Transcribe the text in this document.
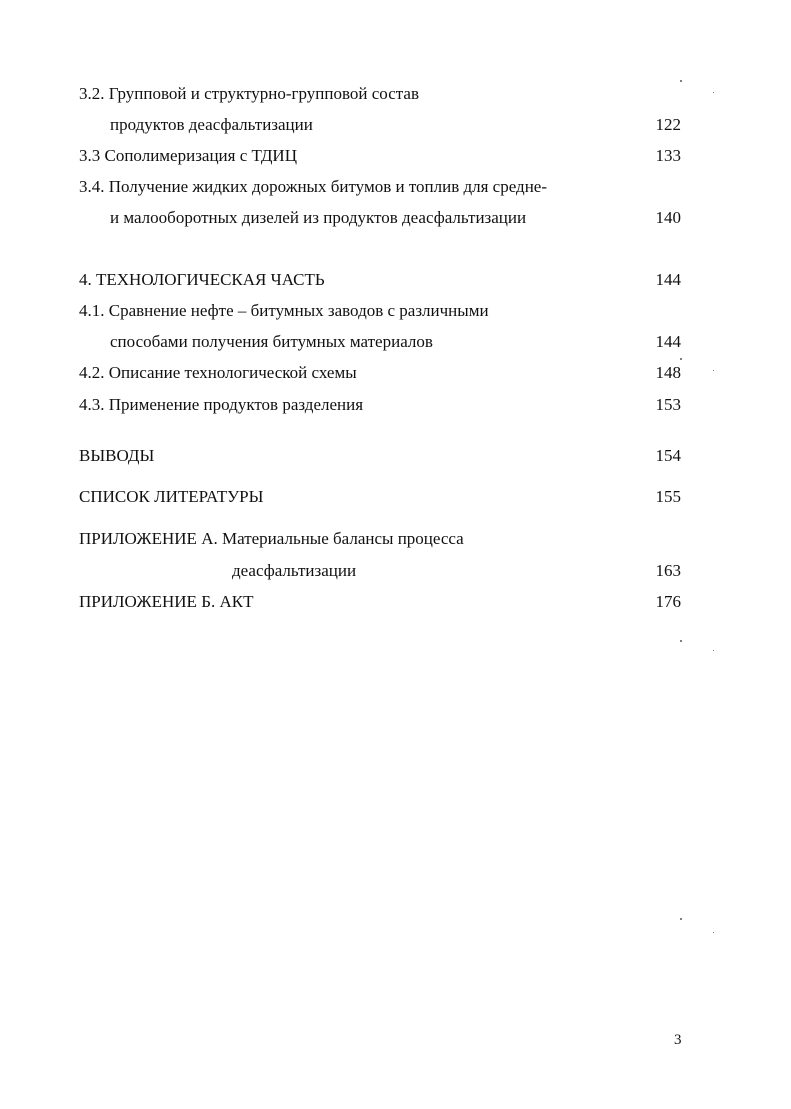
3.2. Групповой и структурно-групповой состав
продуктов деасфальтизации	122
3.3 Сополимеризация с ТДИЦ	133
3.4. Получение жидких дорожных битумов и топлив для средне-
и малооборотных дизелей из продуктов деасфальтизации	140
4. ТЕХНОЛОГИЧЕСКАЯ ЧАСТЬ	144
4.1. Сравнение нефте – битумных заводов с различными
способами получения битумных материалов	144
4.2. Описание технологической схемы	148
4.3. Применение продуктов разделения	153
ВЫВОДЫ	154
СПИСОК ЛИТЕРАТУРЫ	155
ПРИЛОЖЕНИЕ А. Материальные балансы процесса
деасфальтизации	163
ПРИЛОЖЕНИЕ Б. АКТ	176
3
